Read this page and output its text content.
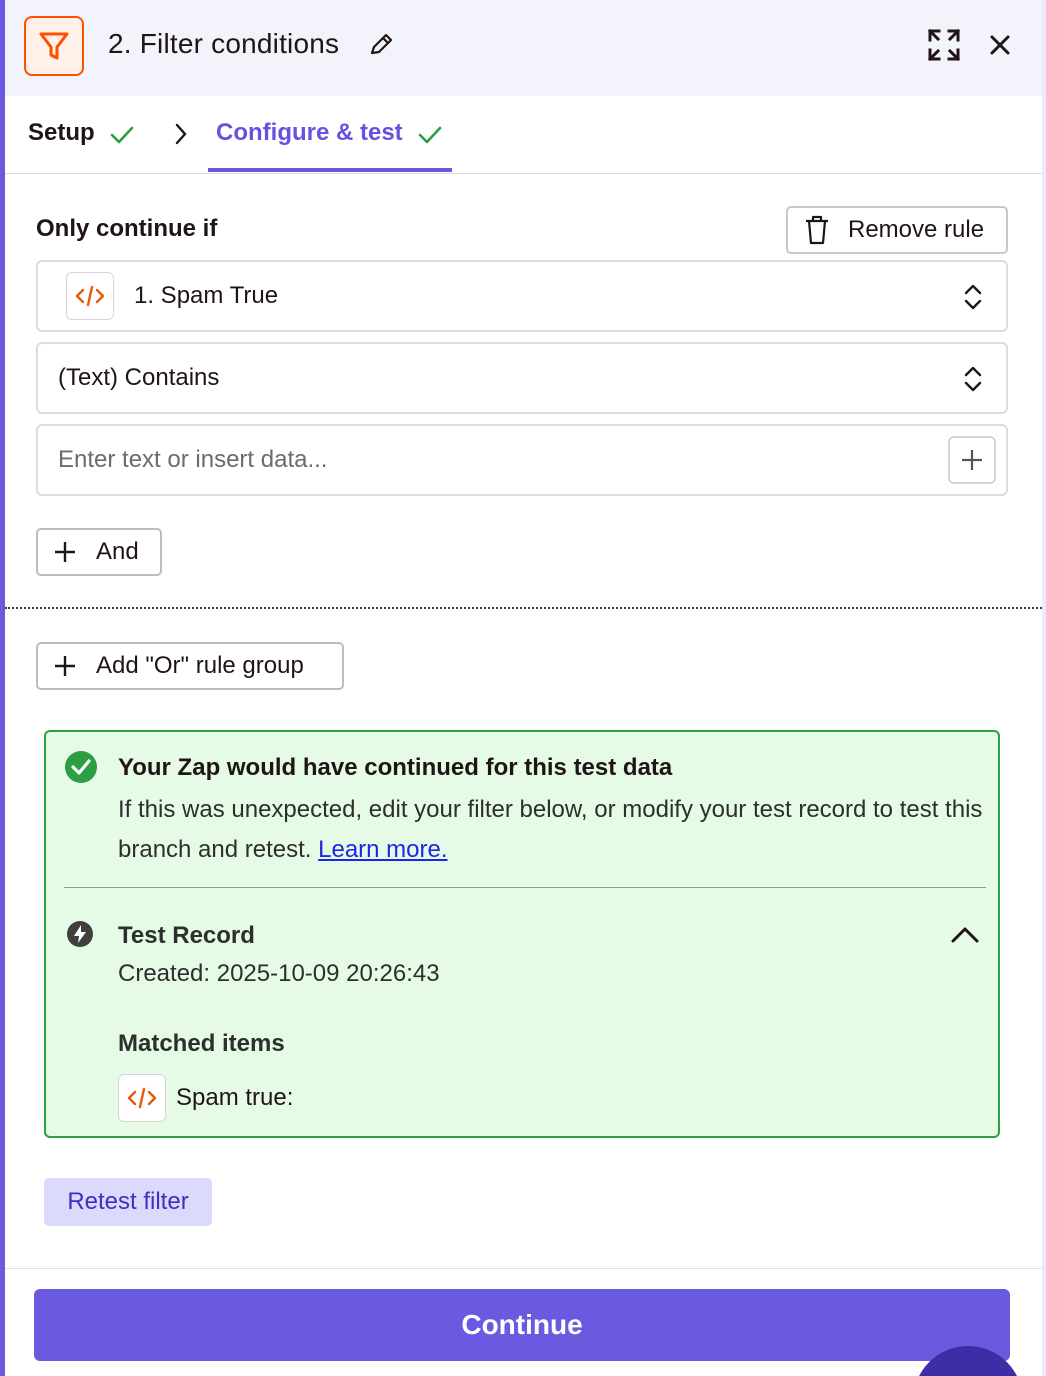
2. Filter conditions
Setup	Configure & test
Only continue if	Remove rule
1. Spam True
(Text) Contains
Enter text or insert data...
And
Add "Or" rule group
Your Zap would have continued for this test data
If this was unexpected, edit your filter below, or modify your test record to test this branch and retest. Learn more.
Test Record
Created: 2025-10-09 20:26:43
Matched items
Spam true:
Retest filter
Continue
